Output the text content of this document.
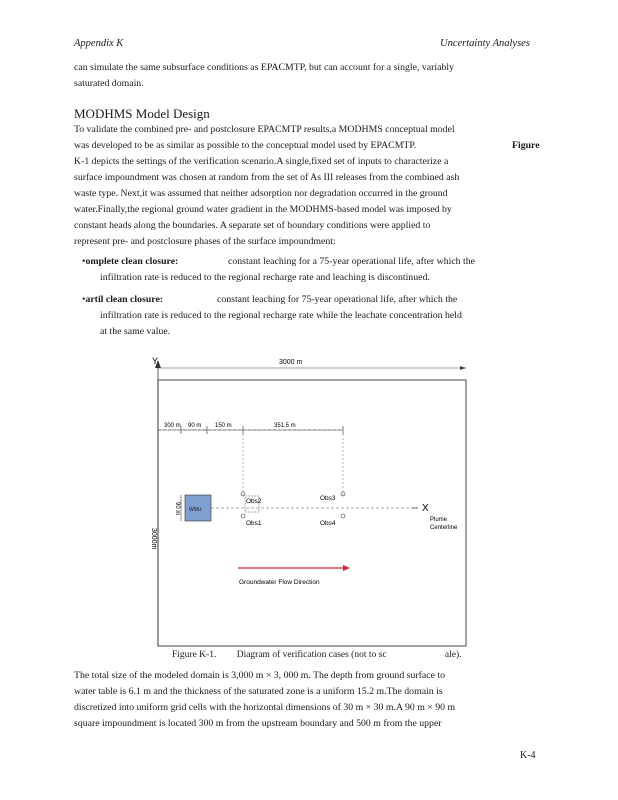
Appendix K	Uncertainty Analyses
can simulate the same subsurface conditions as EPACMTP, but can account for a single, variably
saturated domain.
MODHMS Model Design
To validate the combined pre- and postclosure EPACMTP results,a MODHMS conceptual model
was developed to be as similar as possible to the conceptual model used by EPACMTP.	Figure
K-1 depicts the settings of the verification scenario.A single,fixed set of inputs to characterize a
surface impoundment was chosen at random from the set of As III releases from the combined ash
waste type. Next,it was assumed that neither adsorption nor degradation occurred in the ground
water.Finally,the regional ground water gradient in the MODHMS-based model was imposed by
constant heads along the boundaries. A separate set of boundary conditions were applied to
represent pre- and postclosure phases of the surface impoundment:
•omplete clean closure:	constant leaching for a 75-year operational life, after which the
infiltration rate is reduced to the regional recharge rate and leaching is discontinued.
•artil clean closure:	constant leaching for 75-year operational life, after which the
infiltration rate is reduced to the regional recharge rate while the leachate concentration held
at the same value.
Y	3000 m
300 m 90 m 150 m	351.5 m
WMU
90 m	X
Plume
Centerline
Obs2
Obs1
Obs3
Obs4
3000m
Groundwater Flow Direction
Figure K-1. Diagram of verification cases (not to sc	ale).
The total size of the modeled domain is 3,000 m × 3, 000 m. The depth from ground surface to
water table is 6.1 m and the thickness of the saturated zone is a uniform 15.2 m.The domain is
discretized into uniform grid cells with the horizontal dimensions of 30 m × 30 m.A 90 m × 90 m
square impoundment is located 300 m from the upstream boundary and 500 m from the upper
K-4
